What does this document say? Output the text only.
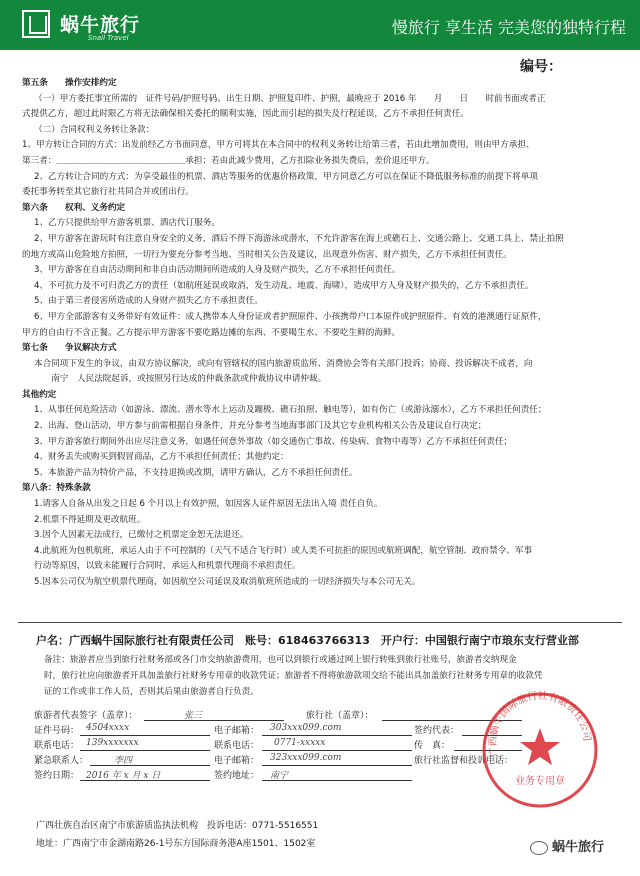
蜗牛旅行
Snail Travel
慢旅行 享生活 完美您的独特行程
编号：

第五条　　操作安排约定

（一）甲方委托事宜所需的　证件号码/护照号码、出生日期、护照复印件、护照，最晚应于 2016 年　　月　　日　　时前书面或者正

式提供乙方，超过此时限乙方将无法确保相关委托的顺利实施，因此而引起的损失及行程延误，乙方不承担任何责任。

（二）合同权利义务转让条款：

1、甲方转让合同的方式：出发前经乙方书面同意，甲方可将其在本合同中的权利义务转让给第三者，若由此增加费用，则由甲方承担、

第三者：＿＿＿＿＿＿＿＿＿＿＿＿＿＿＿承担；若由此减少费用，乙方扣除业务损失费后，差价退还甲方。

2、乙方转让合同的方式：为享受最佳的机票、酒店等服务的优惠价格政策，甲方同意乙方可以在保证不降低服务标准的前提下将单项

委托事务转至其它旅行社共同合并或团出行。

第六条　　权利、义务约定

1、乙方只提供给甲方游客机票、酒店代订服务。

2、甲方游客在游玩时有注意自身安全的义务，酒后不得下海游泳或潜水，不允许游客在海上或礁石上、交通公路上、交通工具上、禁止拍照

的地方或高山危险地方拍照，一切行为要充分参考当地、当时相关公告及建议，出现意外伤害、财产损失，乙方不承担任何责任。

3、甲方游客在自由活动期间和非自由活动期间所造成的人身及财产损失，乙方不承担任何责任。

4、不可抗力及不可归责乙方的责任（如航班延误或取消，发生动乱、地震、海啸），造成甲方人身及财产损失的，乙方不承担责任。

5、由于第三者侵害所造成的人身财产损失乙方不承担责任。

6、甲方全部游客有义务带好有效证件：成人携带本人身份证或者护照原件、小孩携带户口本原件或护照原件、有效的港澳通行证原件，

甲方的自由行不含正餐。乙方提示甲方游客不要吃路边摊的东西、不要喝生水、不要吃生鲜的海鲜。

第七条　　争议解决方式

本合同项下发生的争议，由双方协议解决，或向有管辖权的国内旅游质监所、消费协会等有关部门投诉；协商、投诉解决不成者，向

　　南宁　人民法院起诉，或按照另行达成的仲裁条款或仲裁协议申请仲裁。

其他约定

1、从事任何危险活动（如游泳、漂流、潜水等水上运动及蹦极、礁石拍照、触电等），如有伤亡（或游泳溺水），乙方不承担任何责任；

2、出海、登山活动，甲方参与前需根据自身条件，并充分参考当地海事部门及其它专业机构相关公告及建议自行决定；

3、甲方游客旅行期间外出应尽注意义务，如遇任何意外事故（如交通伤亡事故、传染病、食物中毒等）乙方不承担任何责任；

4、财务丢失或购买到假冒商品，乙方不承担任何责任；其他约定：

5、本旅游产品为特价产品，不支持退换或改期，请甲方确认，乙方不承担任何责任。

第八条：特殊条款

1.请客人自备从出发之日起 6 个月以上有效护照，如因客人证件原因无法出入境 责任自负。

2.机票不得延期及更改航班。

3.因个人因素无法成行，已缴付之机票定金恕无法退还。

4.此航班为包机航班，承运人由于不可控制的（天气不适合飞行时）或人类不可抗拒的原因或航班调配，航空管制、政府禁令、军事

行动等原因，以致未能履行合同时，承运人和机票代理商不承担责任。

5.因本公司仅为航空机票代理商，如因航空公司延误及取消航班所造成的一切经济损失与本公司无关。

户名：广西蜗牛国际旅行社有限责任公司　账号：618463766313　开户行：中国银行南宁市琅东支行营业部

备注：旅游者应当到旅行社财务部或各门市交纳旅游费用，也可以到银行或通过网上银行转账到旅行社账号，旅游者交纳现金

时，旅行社应向旅游者开具加盖旅行社财务专用章的收款凭证；旅游者不得将旅游款项交给不能出具加盖旅行社财务专用章的收款凭

证的工作或非工作人员，否则其后果由旅游者自行负责。

旅游者代表签字（盖章）：	张三	旅行社（盖章）：
证件号码： 4504xxxx	电子邮箱： 303xxx099.com	签约代表：
联系电话： 139xxxxxxx	联系电话： 0771-xxxxx	传　真：
紧急联系人：	李四	电子邮箱： 323xxx099.com	旅行社监督和投诉电话：
签约日期： 2016 年 x 月 x 日	签约地址： 南宁
广西壮族自治区南宁市旅游质监执法机构　投诉电话：0771-5516551
地址：广西南宁市金湖南路26-1号东方国际商务港A座1501、1502室
广西蜗牛国际旅行社有限责任公司
业务专用章
蜗牛旅行
